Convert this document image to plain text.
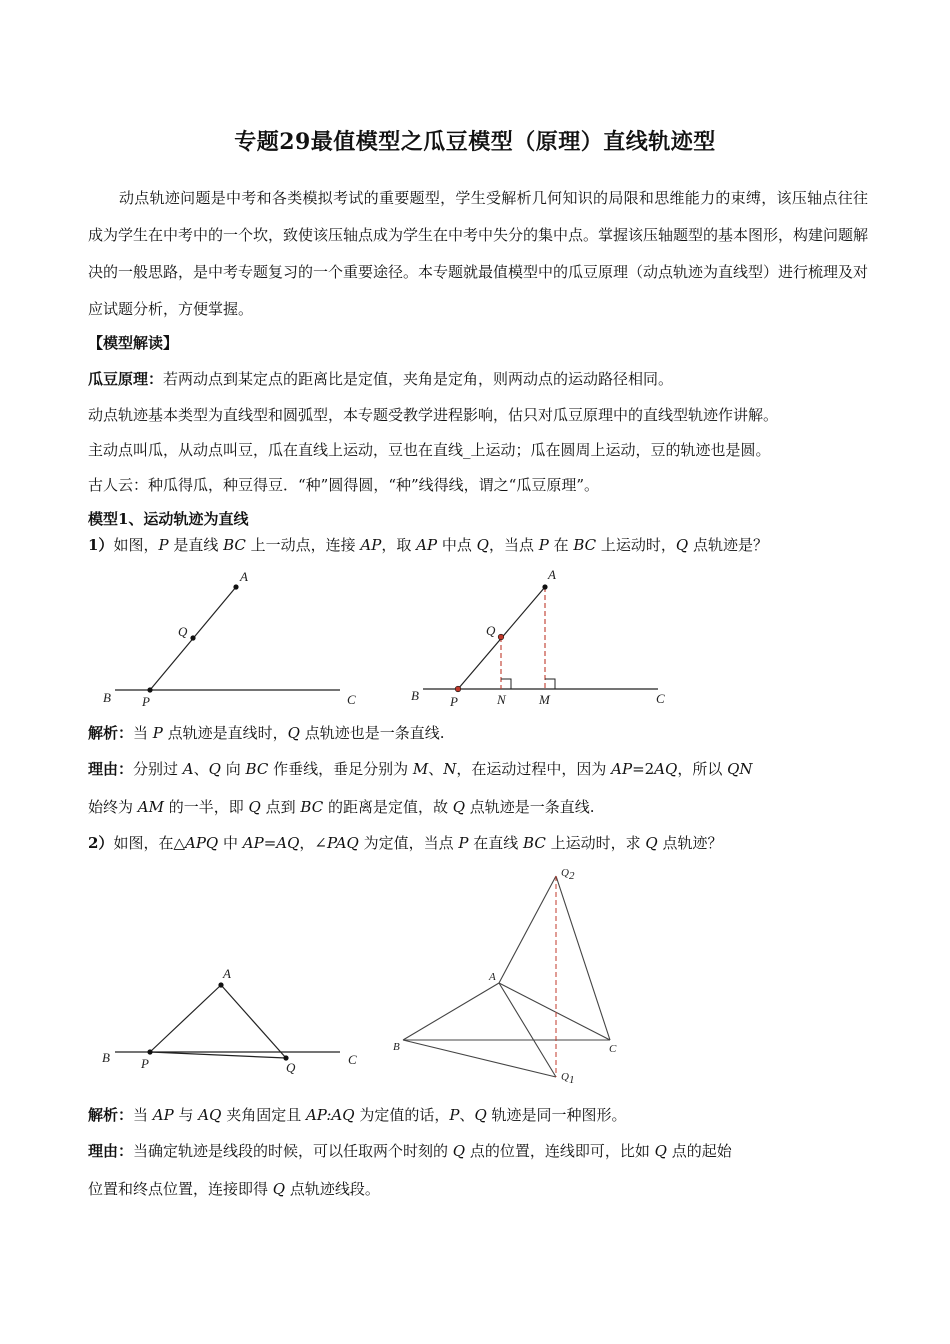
专题29最值模型之瓜豆模型（原理）直线轨迹型
动点轨迹问题是中考和各类模拟考试的重要题型，学生受解析几何知识的局限和思维能力的束缚，该压轴点往往成为学生在中考中的一个坎，致使该压轴点成为学生在中考中失分的集中点。掌握该压轴题型的基本图形，构建问题解决的一般思路，是中考专题复习的一个重要途径。本专题就最值模型中的瓜豆原理（动点轨迹为直线型）进行梳理及对应试题分析，方便掌握。
【模型解读】
瓜豆原理：若两动点到某定点的距离比是定值，夹角是定角，则两动点的运动路径相同。
动点轨迹基本类型为直线型和圆弧型，本专题受教学进程影响，估只对瓜豆原理中的直线型轨迹作讲解。
主动点叫瓜，从动点叫豆，瓜在直线上运动，豆也在直线_上运动；瓜在圆周上运动，豆的轨迹也是圆。
古人云：种瓜得瓜，种豆得豆．“种”圆得圆，“种”线得线，谓之“瓜豆原理”。
模型1、运动轨迹为直线
1）如图，P 是直线 BC 上一动点，连接 AP，取 AP 中点 Q，当点 P 在 BC 上运动时，Q 点轨迹是？
A
Q
B P	C
A
Q
B P	N	M	C
A
B P	Q
C
A
B	C
Q2
Q1
解析：当 P 点轨迹是直线时，Q 点轨迹也是一条直线.
理由：分别过 A、Q 向 BC 作垂线，垂足分别为 M、N，在运动过程中，因为 AP=2AQ，所以 QN
始终为 AM 的一半，即 Q 点到 BC 的距离是定值，故 Q 点轨迹是一条直线.
2）如图，在△APQ 中 AP=AQ，∠PAQ 为定值，当点 P 在直线 BC 上运动时，求 Q 点轨迹？
解析：当 AP 与 AQ 夹角固定且 AP:AQ 为定值的话，P、Q 轨迹是同一种图形。
理由：当确定轨迹是线段的时候，可以任取两个时刻的 Q 点的位置，连线即可，比如 Q 点的起始
位置和终点位置，连接即得 Q 点轨迹线段。
